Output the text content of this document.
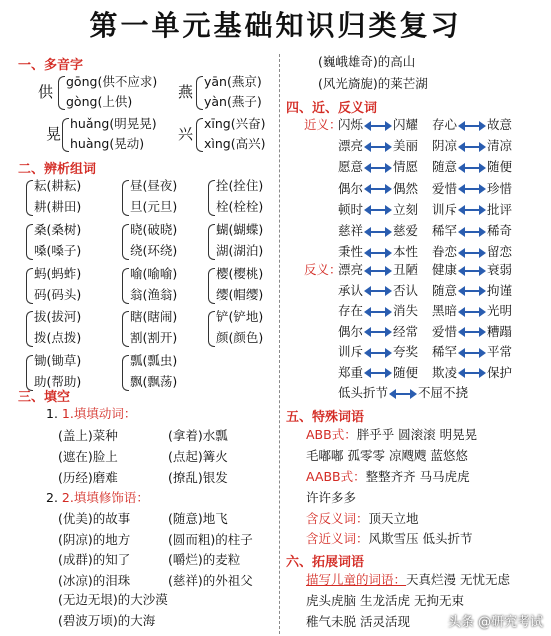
第一单元基础知识归类复习
一、多音字
供
gōng(供不应求)
gòng(上供)
燕
yān(燕京)
yàn(燕子)
晃
huǎng(明晃晃)
huàng(晃动)
兴
xīng(兴奋)
xìng(高兴)
二、辨析组词
耘(耕耘)	昼(昼夜)	拴(拴住)
耕(耕田)	旦(元旦)	栓(栓栓)
桑(桑树)	晓(破晓)	蝴(蝴蝶)
嗓(嗓子)	绕(环绕)	湖(湖泊)
蚂(蚂蚱)	喻(喻喻)	樱(樱桃)
码(码头)	翁(渔翁)	缨(帽缨)
拔(拔河)	瞎(瞎闹)	铲(铲地)
拨(点拨)	割(割开)	颜(颜色)
锄(锄草)	瓢(瓢虫)
助(帮助)	飘(飘荡)
三、填空
1. 1.填填动词：
(盖上)菜种	(拿着)水瓢
(遮在)脸上	(点起)篝火
(历经)磨难	(撩乱)银发
2. 2.填填修饰语：
(优美)的故事	(随意)地飞
(阴凉)的地方	(圆而粗)的柱子
(成群)的知了	(嚼烂)的麦粒
(冰凉)的泪珠	(慈祥)的外祖父
(无边无垠)的大沙漠
(碧波万顷)的大海
(巍峨雄奇)的高山
(风光旖旎)的莱芒湖
四、近、反义词
近义：
闪烁 闪耀 存心 故意
漂亮 美丽 阴凉 清凉
愿意 情愿 随意 随便
偶尔 偶然 爱惜 珍惜
顿时 立刻 训斥 批评
慈祥 慈爱 稀罕 稀奇
秉性 本性 眷恋 留恋
反义：
漂亮 丑陋 健康 衰弱
承认 否认 随意 拘谨
存在 消失 黑暗 光明
偶尔 经常 爱惜 糟蹋
训斥 夸奖 稀罕 平常
郑重 随便 欺凌 保护
低头折节 不屈不挠
五、特殊词语
ABB式：胖乎乎 圆滚滚 明晃晃
毛嘟嘟 孤零零 凉飕飕 蓝悠悠
AABB式：整整齐齐 马马虎虎
许许多多
含反义词：顶天立地
含近义词：风欺雪压 低头折节
六、拓展词语
描写儿童的词语：天真烂漫 无忧无虑
虎头虎脑 生龙活虎 无拘无束
稚气未脱 活灵活现	头条 @研究考试
